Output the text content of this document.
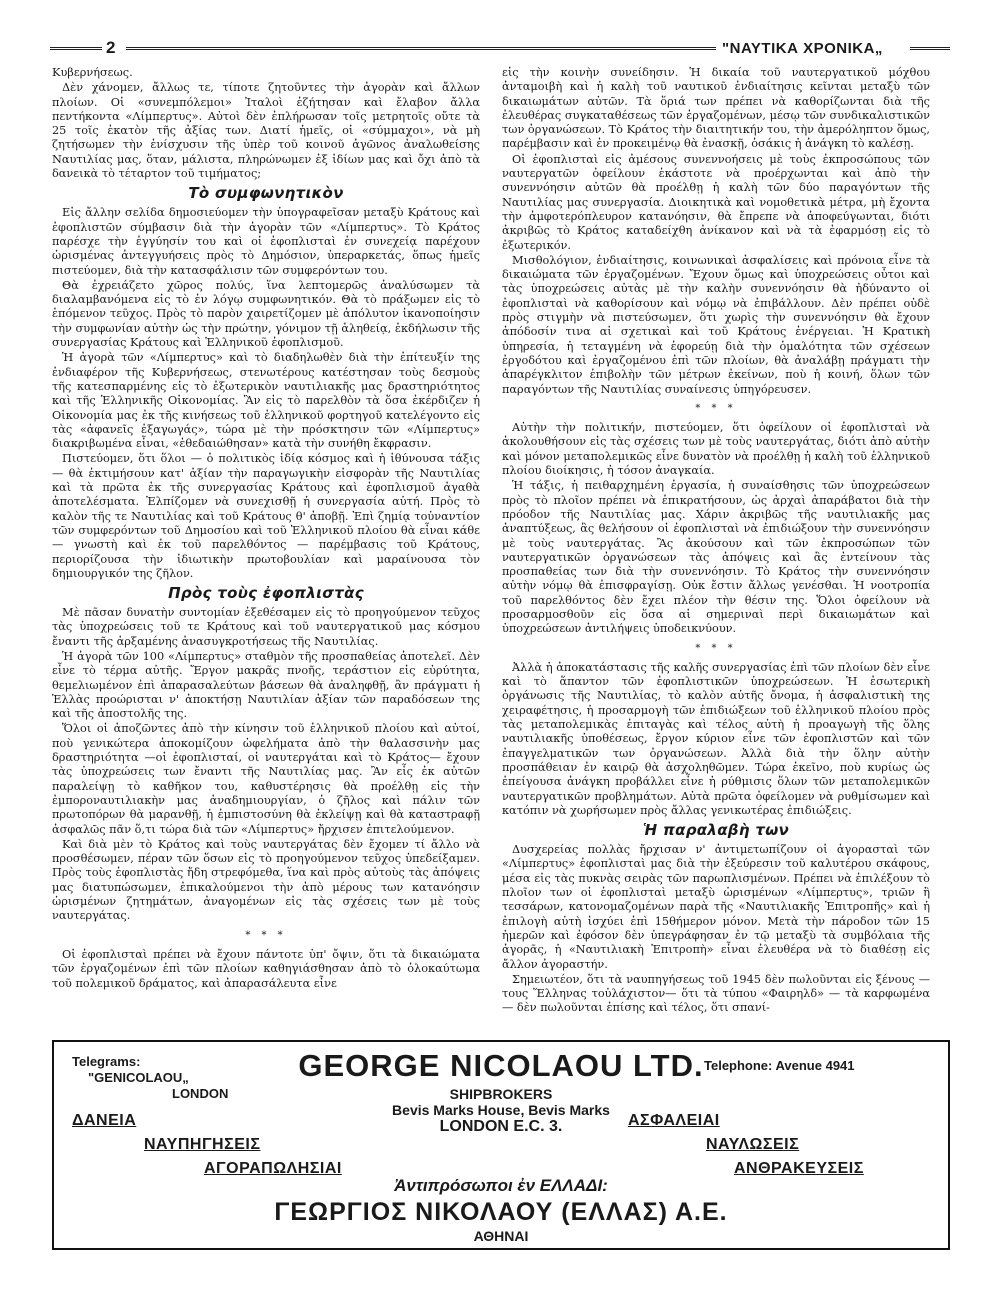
2	"ΝΑΥΤΙΚΑ ΧΡΟΝΙΚΑ„

Κυβερνήσεως.

Δὲν χάνομεν, ἄλλως τε, τίποτε ζητοῦντες τὴν ἀγορὰν καὶ ἄλλων πλοίων. Οἱ «συνεμπόλεμοι» Ἰταλοὶ ἐζήτησαν καὶ ἔλαβον ἄλλα πεντήκοντα «Λίμπερτυς». Αὐτοὶ δὲν ἐπλήρωσαν τοῖς μετρητοῖς οὔτε τὰ 25 τοῖς ἑκατὸν τῆς ἀξίας των. Διατί ἡμεῖς, οἱ «σύμμαχοι», νὰ μὴ ζητήσωμεν τὴν ἐνίσχυσιν τῆς ὑπὲρ τοῦ κοινοῦ ἀγῶνος ἀναλωθείσης Ναυτιλίας μας, ὅταν, μάλιστα, πληρώνωμεν ἐξ ἰδίων μας καὶ ὄχι ἀπὸ τὰ δανεικὰ τὸ τέταρτον τοῦ τιμήματος;

Τὸ συμφωνητικὸν

Εἰς ἄλλην σελίδα δημοσιεύομεν τὴν ὑπογραφεῖσαν μεταξὺ Κράτους καὶ ἐφοπλιστῶν σύμβασιν διὰ τὴν ἀγορὰν τῶν «Λίμπερτυς». Τὸ Κράτος παρέσχε τὴν ἐγγύησίν του καὶ οἱ ἐφοπλισταὶ ἐν συνεχείᾳ παρέχουν ὡρισμένας ἀντεγγυήσεις πρὸς τὸ Δημόσιον, ὑπεραρκετάς, ὅπως ἡμεῖς πιστεύομεν, διὰ τὴν κατασφάλισιν τῶν συμφερόντων του.

Θὰ ἐχρειάζετο χῶρος πολύς, ἵνα λεπτομερῶς ἀναλύσωμεν τὰ διαλαμβανόμενα εἰς τὸ ἐν λόγῳ συμφωνητικόν. Θὰ τὸ πράξωμεν εἰς τὸ ἑπόμενον τεῦχος. Πρὸς τὸ παρὸν χαιρετίζομεν μὲ ἀπόλυτον ἱκανοποίησιν τὴν συμφωνίαν αὐτὴν ὡς τὴν πρώτην, γόνιμον τῇ ἀληθείᾳ, ἐκδήλωσιν τῆς συνεργασίας Κράτους καὶ Ἑλληνικοῦ ἐφοπλισμοῦ.

Ἡ ἀγορὰ τῶν «Λίμπερτυς» καὶ τὸ διαδηλωθὲν διὰ τὴν ἐπίτευξίν της ἐνδιαφέρον τῆς Κυβερνήσεως, στενωτέρους κατέστησαν τοὺς δεσμοὺς τῆς κατεσπαρμένης εἰς τὸ ἐξωτερικὸν ναυτιλιακῆς μας δραστηριότητος καὶ τῆς Ἑλληνικῆς Οἰκονομίας. Ἂν εἰς τὸ παρελθὸν τὰ ὅσα ἐκέρδιζεν ἡ Οἰκονομία μας ἐκ τῆς κινήσεως τοῦ ἑλληνικοῦ φορτηγοῦ κατελέγοντο εἰς τὰς «ἀφανεῖς ἐξαγωγάς», τώρα μὲ τὴν πρόσκτησιν τῶν «Λίμπερτυς» διακριβωμένα εἶναι, «ἐθεδαιώθησαν» κατὰ τὴν συνήθη ἔκφρασιν.

Πιστεύομεν, ὅτι ὅλοι — ὁ πολιτικὸς ἰδίᾳ κόσμος καὶ ἡ ἰθύνουσα τάξις — θὰ ἐκτιμήσουν κατ' ἀξίαν τὴν παραγωγικὴν εἰσφορὰν τῆς Ναυτιλίας καὶ τὰ πρῶτα ἐκ τῆς συνεργασίας Κράτους καὶ ἐφοπλισμοῦ ἀγαθὰ ἀποτελέσματα. Ἐλπίζομεν νὰ συνεχισθῇ ἡ συνεργασία αὐτή. Πρὸς τὸ καλὸν τῆς τε Ναυτιλίας καὶ τοῦ Κράτους θ' ἀποβῇ. Ἐπὶ ζημίᾳ τοὐναντίον τῶν συμφερόντων τοῦ Δημοσίου καὶ τοῦ Ἑλληνικοῦ πλοίου θὰ εἶναι κάθε — γνωστὴ καὶ ἐκ τοῦ παρελθόντος — παρέμβασις τοῦ Κράτους, περιορίζουσα τὴν ἰδιωτικὴν πρωτοβουλίαν καὶ μαραίνουσα τὸν δημιουργικόν της ζῆλον.

Πρὸς τοὺς ἐφοπλιστὰς

Μὲ πᾶσαν δυνατὴν συντομίαν ἐξεθέσαμεν εἰς τὸ προηγούμενον τεῦχος τὰς ὑποχρεώσεις τοῦ τε Κράτους καὶ τοῦ ναυτεργατικοῦ μας κόσμου ἔναντι τῆς ἀρξαμένης ἀνασυγκροτήσεως τῆς Ναυτιλίας.

Ἡ ἀγορὰ τῶν 100 «Λίμπερτυς» σταθμὸν τῆς προσπαθείας ἀποτελεῖ. Δὲν εἶνε τὸ τέρμα αὐτῆς. Ἔργον μακρᾶς πνοῆς, τεράστιον εἰς εὐρύτητα, θεμελιωμένον ἐπὶ ἀπαρασαλεύτων βάσεων θὰ ἀναληφθῇ, ἂν πράγματι ἡ Ἑλλὰς προώρισται ν' ἀποκτήσῃ Ναυτιλίαν ἀξίαν τῶν παραδόσεων της καὶ τῆς ἀποστολῆς της.

Ὅλοι οἱ ἀποζῶντες ἀπὸ τὴν κίνησιν τοῦ ἑλληνικοῦ πλοίου καὶ αὐτοί, ποὺ γενικώτερα ἀποκομίζουν ὠφελήματα ἀπὸ τὴν θαλασσινὴν μας δραστηριότητα —οἱ ἐφοπλισταί, οἱ ναυτεργάται καὶ τὸ Κράτος— ἔχουν τὰς ὑποχρεώσεις των ἔναντι τῆς Ναυτιλίας μας. Ἂν εἷς ἐκ αὐτῶν παραλείψῃ τὸ καθῆκον του, καθυστέρησις θὰ προέλθῃ εἰς τὴν ἐμποροναυτιλιακὴν μας ἀναδημιουργίαν, ὁ ζῆλος καὶ πάλιν τῶν πρωτοπόρων θὰ μαρανθῇ, ἡ ἐμπιστοσύνη θὰ ἐκλείψῃ καὶ θὰ καταστραφῇ ἀσφαλῶς πᾶν ὅ,τι τώρα διὰ τῶν «Λίμπερτυς» ἤρχισεν ἐπιτελούμενον.

Καὶ διὰ μὲν τὸ Κράτος καὶ τοὺς ναυτεργάτας δὲν ἔχομεν τί ἄλλο νὰ προσθέσωμεν, πέραν τῶν ὅσων εἰς τὸ προηγούμενον τεῦχος ὑπεδείξαμεν. Πρὸς τοὺς ἐφοπλιστὰς ἤδη στρεφόμεθα, ἵνα καὶ πρὸς αὐτοὺς τὰς ἀπόψεις μας διατυπώσωμεν, ἐπικαλούμενοι τὴν ἀπὸ μέρους των κατανόησιν ὡρισμένων ζητημάτων, ἀναγομένων εἰς τὰς σχέσεις των μὲ τοὺς ναυτεργάτας.

* * *

Οἱ ἐφοπλισταὶ πρέπει νὰ ἔχουν πάντοτε ὑπ' ὄψιν, ὅτι τὰ δικαιώματα τῶν ἐργαζομένων ἐπὶ τῶν πλοίων καθηγιάσθησαν ἀπὸ τὸ ὁλοκαύτωμα τοῦ πολεμικοῦ δράματος, καὶ ἀπαρασάλευτα εἶνε

εἰς τὴν κοινὴν συνείδησιν. Ἡ δικαία τοῦ ναυτεργατικοῦ μόχθου ἀνταμοιβὴ καὶ ἡ καλὴ τοῦ ναυτικοῦ ἐνδιαίτησις κεῖνται μεταξὺ τῶν δικαιωμάτων αὐτῶν. Τὰ ὅριά των πρέπει νὰ καθορίζωνται διὰ τῆς ἐλευθέρας συγκαταθέσεως τῶν ἐργαζομένων, μέσῳ τῶν συνδικαλιστικῶν των ὀργανώσεων. Τὸ Κράτος τὴν διαιτητικήν του, τὴν ἀμερόληπτον ὅμως, παρέμβασιν καὶ ἐν προκειμένῳ θὰ ἐνασκῇ, ὁσάκις ἡ ἀνάγκη τὸ καλέσῃ.

Οἱ ἐφοπλισταὶ εἰς ἀμέσους συνεννοήσεις μὲ τοὺς ἐκπροσώπους τῶν ναυτεργατῶν ὀφείλουν ἑκάστοτε νὰ προέρχωνται καὶ ἀπὸ τὴν συνεννόησιν αὐτῶν θὰ προέλθῃ ἡ καλὴ τῶν δύο παραγόντων τῆς Ναυτιλίας μας συνεργασία. Διοικητικὰ καὶ νομοθετικὰ μέτρα, μὴ ἔχοντα τὴν ἀμφοτερόπλευρον κατανόησιν, θὰ ἔπρεπε νὰ ἀποφεύγωνται, διότι ἀκριβῶς τὸ Κράτος καταδείχθη ἀνίκανον καὶ νὰ τὰ ἐφαρμόσῃ εἰς τὸ ἐξωτερικόν.

Μισθολόγιον, ἐνδιαίτησις, κοινωνικαὶ ἀσφαλίσεις καὶ πρόνοια εἶνε τὰ δικαιώματα τῶν ἐργαζομένων. Ἔχουν ὅμως καὶ ὑποχρεώσεις οὗτοι καὶ τὰς ὑποχρεώσεις αὐτὰς μὲ τὴν καλὴν συνεννόησιν θὰ ἠδύναντο οἱ ἐφοπλισταὶ νὰ καθορίσουν καὶ νόμῳ νὰ ἐπιβάλλουν. Δὲν πρέπει οὐδὲ πρὸς στιγμὴν νὰ πιστεύσωμεν, ὅτι χωρὶς τὴν συνεννόησιν θὰ ἔχουν ἀπόδοσίν τινα αἱ σχετικαὶ καὶ τοῦ Κράτους ἐνέργειαι. Ἡ Κρατικὴ ὑπηρεσία, ἡ τεταγμένη νὰ ἐφορεύῃ διὰ τὴν ὁμαλότητα τῶν σχέσεων ἐργοδότου καὶ ἐργαζομένου ἐπὶ τῶν πλοίων, θὰ ἀναλάβῃ πράγματι τὴν ἀπαρέγκλιτον ἐπιβολὴν τῶν μέτρων ἐκείνων, ποὺ ἡ κοινή, ὅλων τῶν παραγόντων τῆς Ναυτιλίας συναίνεσις ὑπηγόρευσεν.

* * *

Αὐτὴν τὴν πολιτικήν, πιστεύομεν, ὅτι ὀφείλουν οἱ ἐφοπλισταὶ νὰ ἀκολουθήσουν εἰς τὰς σχέσεις των μὲ τοὺς ναυτεργάτας, διότι ἀπὸ αὐτὴν καὶ μόνον μεταπολεμικῶς εἶνε δυνατὸν νὰ προέλθῃ ἡ καλὴ τοῦ ἑλληνικοῦ πλοίου διοίκησις, ἡ τόσον ἀναγκαία.

Ἡ τάξις, ἡ πειθαρχημένη ἐργασία, ἡ συναίσθησις τῶν ὑποχρεώσεων πρὸς τὸ πλοῖον πρέπει νὰ ἐπικρατήσουν, ὡς ἀρχαὶ ἀπαράβατοι διὰ τὴν πρόοδον τῆς Ναυτιλίας μας. Χάριν ἀκριβῶς τῆς ναυτιλιακῆς μας ἀναπτύξεως, ἂς θελήσουν οἱ ἐφοπλισταὶ νὰ ἐπιδιώξουν τὴν συνεννόησιν μὲ τοὺς ναυτεργάτας. Ἂς ἀκούσουν καὶ τῶν ἐκπροσώπων τῶν ναυτεργατικῶν ὀργανώσεων τὰς ἀπόψεις καὶ ἂς ἐντείνουν τὰς προσπαθείας των διὰ τὴν συνεννόησιν. Τὸ Κράτος τὴν συνεννόησιν αὐτὴν νόμῳ θὰ ἐπισφραγίσῃ. Οὐκ ἔστιν ἄλλως γενέσθαι. Ἡ νοοτροπία τοῦ παρελθόντος δὲν ἔχει πλέον τὴν θέσιν της. Ὅλοι ὀφείλουν νὰ προσαρμοσθοῦν εἰς ὅσα αἱ σημεριναὶ περὶ δικαιωμάτων καὶ ὑποχρεώσεων ἀντιλήψεις ὑποδεικνύουν.

* * *

Ἀλλὰ ἡ ἀποκατάστασις τῆς καλῆς συνεργασίας ἐπὶ τῶν πλοίων δὲν εἶνε καὶ τὸ ἅπαντον τῶν ἐφοπλιστικῶν ὑποχρεώσεων. Ἡ ἐσωτερικὴ ὀργάνωσις τῆς Ναυτιλίας, τὸ καλὸν αὐτῆς ὄνομα, ἡ ἀσφαλιστικὴ της χειραφέτησις, ἡ προσαρμογὴ τῶν ἐπιδιώξεων τοῦ ἑλληνικοῦ πλοίου πρὸς τὰς μεταπολεμικὰς ἐπιταγὰς καὶ τέλος αὐτὴ ἡ προαγωγὴ τῆς ὅλης ναυτιλιακῆς ὑποθέσεως, ἔργον κύριον εἶνε τῶν ἐφοπλιστῶν καὶ τῶν ἐπαγγελματικῶν των ὀργανώσεων. Ἀλλὰ διὰ τὴν ὅλην αὐτὴν προσπάθειαν ἐν καιρῷ θὰ ἀσχοληθῶμεν. Τώρα ἐκεῖνο, ποὺ κυρίως ὡς ἐπείγουσα ἀνάγκη προβάλλει εἶνε ἡ ρύθμισις ὅλων τῶν μεταπολεμικῶν ναυτεργατικῶν προβλημάτων. Αὐτὰ πρῶτα ὀφείλομεν νὰ ρυθμίσωμεν καὶ κατόπιν νὰ χωρήσωμεν πρὸς ἄλλας γενικωτέρας ἐπιδιώξεις.

Ἡ παραλαβὴ των

Δυσχερείας πολλὰς ἤρχισαν ν' ἀντιμετωπίζουν οἱ ἀγορασταὶ τῶν «Λίμπερτυς» ἐφοπλισταὶ μας διὰ τὴν ἐξεύρεσιν τοῦ καλυτέρου σκάφους, μέσα εἰς τὰς πυκνὰς σειρὰς τῶν παρωπλισμένων. Πρέπει νὰ ἐπιλέξουν τὸ πλοῖον των οἱ ἐφοπλισταὶ μεταξὺ ὡρισμένων «Λίμπερτυς», τριῶν ἢ τεσσάρων, κατονομαζομένων παρὰ τῆς «Ναυτιλιακῆς Ἐπιτροπῆς» καὶ ἡ ἐπιλογὴ αὐτὴ ἰσχύει ἐπὶ 15θήμερον μόνον. Μετὰ τὴν πάροδον τῶν 15 ἡμερῶν καὶ ἐφόσον δὲν ὑπεγράφησαν ἐν τῷ μεταξὺ τὰ συμβόλαια τῆς ἀγορᾶς, ἡ «Ναυτιλιακὴ Ἐπιτροπὴ» εἶναι ἐλευθέρα νὰ τὸ διαθέσῃ εἰς ἄλλον ἀγοραστήν.

Σημειωτέον, ὅτι τὰ ναυπηγήσεως τοῦ 1945 δὲν πωλοῦνται εἰς ξένους —τους Ἕλληνας τοὐλάχιστον— ὅτι τὰ τύπου «Φαιρηλδ» — τὰ καρφωμένα — δὲν πωλοῦνται ἐπίσης καὶ τέλος, ὅτι σπανί-

Telegrams:
"GENICOLAOU„
LONDON
GEORGE NICOLAOU LTD.
SHIPBROKERS
Bevis Marks House, Bevis Marks
LONDON E.C. 3.
Telephone: Avenue 4941
ΔΑΝΕΙΑ
ΝΑΥΠΗΓΗΣΕΙΣ
ΑΓΟΡΑΠΩΛΗΣΙΑΙ
ΑΣΦΑΛΕΙΑΙ
ΝΑΥΛΩΣΕΙΣ
ΑΝΘΡΑΚΕΥΣΕΙΣ
Ἀντιπρόσωποι ἐν ΕΛΛΑΔΙ:
ΓΕΩΡΓΙΟΣ ΝΙΚΟΛΑΟΥ (ΕΛΛΑΣ) Α.Ε.
ΑΘΗΝΑΙ
